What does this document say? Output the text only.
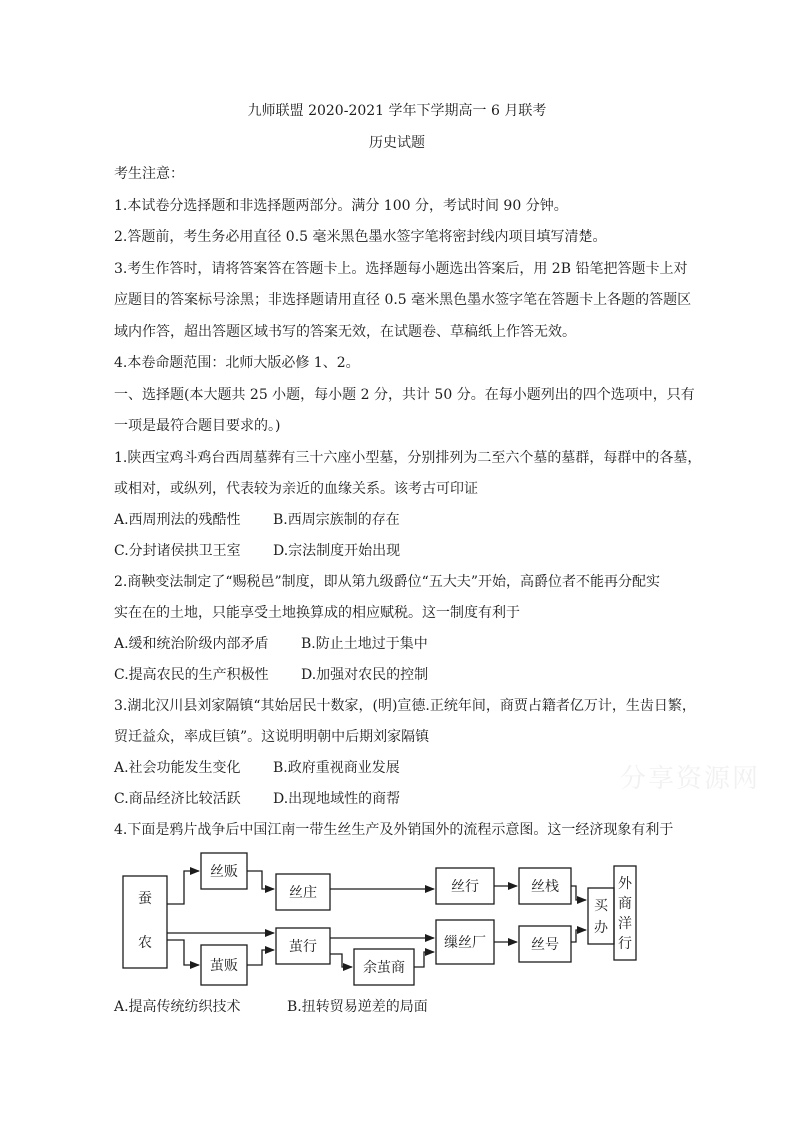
九师联盟 2020-2021 学年下学期高一 6 月联考
历史试题
考生注意：
1.本试卷分选择题和非选择题两部分。满分 100 分，考试时间 90 分钟。
2.答题前，考生务必用直径 0.5 毫米黑色墨水签字笔将密封线内项目填写清楚。
3.考生作答时，请将答案答在答题卡上。选择题每小题选出答案后，用 2B 铅笔把答题卡上对
应题目的答案标号涂黑；非选择题请用直径 0.5 毫米黑色墨水签字笔在答题卡上各题的答题区
域内作答，超出答题区域书写的答案无效，在试题卷、草稿纸上作答无效。
4.本卷命题范围：北师大版必修 1、2。
一、选择题(本大题共 25 小题，每小题 2 分，共计 50 分。在每小题列出的四个选项中，只有
一项是最符合题目要求的。)
1.陕西宝鸡斗鸡台西周墓葬有三十六座小型墓，分别排列为二至六个墓的墓群，每群中的各墓，
或相对，或纵列，代表较为亲近的血缘关系。该考古可印证
A.西周刑法的残酷性 B.西周宗族制的存在
C.分封诸侯拱卫王室 D.宗法制度开始出现
2.商鞅变法制定了“赐税邑”制度，即从第九级爵位“五大夫”开始，高爵位者不能再分配实
实在在的土地，只能享受土地换算成的相应赋税。这一制度有利于
A.缓和统治阶级内部矛盾 B.防止土地过于集中
C.提高农民的生产积极性 D.加强对农民的控制
3.湖北汉川县刘家隔镇“其始居民十数家，(明)宣德.正统年间，商贾占籍者亿万计，生齿日繁，
贸迁益众，率成巨镇”。这说明明朝中后期刘家隔镇
A.社会功能发生变化 B.政府重视商业发展
C.商品经济比较活跃 D.出现地域性的商帮
4.下面是鸦片战争后中国江南一带生丝生产及外销国外的流程示意图。这一经济现象有利于
分享资源网
蚕
农
丝贩
茧贩
丝庄
茧行
余茧商
丝行
缫丝厂
丝栈
丝号
买
办
外
商
洋
行
A.提高传统纺织技术	B.扭转贸易逆差的局面
